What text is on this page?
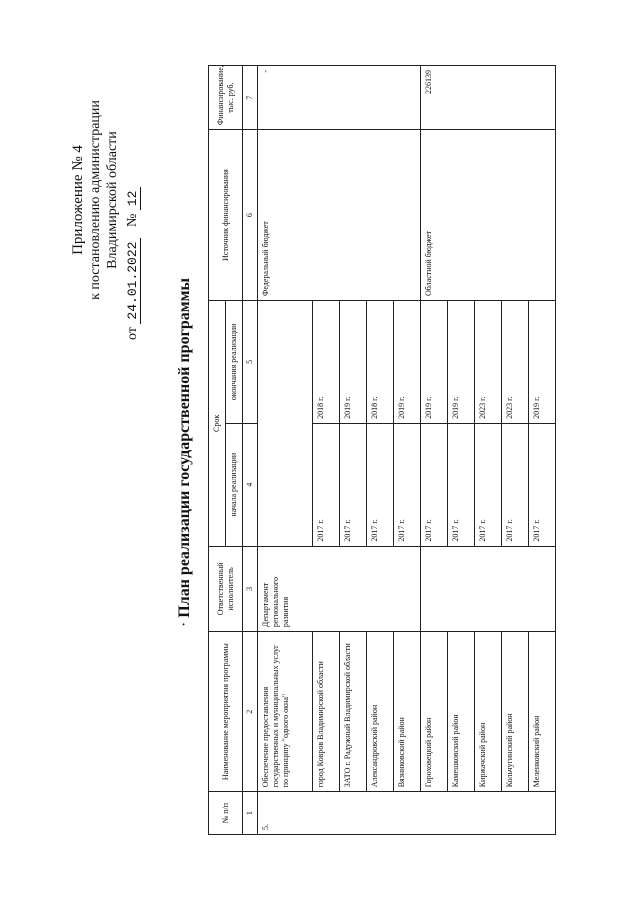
Приложение № 4 к постановлению администрации Владимирской области
от 24.01.2022   № 12
·План реализации государственной программы
№ п/п	Наименование мероприятия программы	Ответственный исполнитель	Срок		Источник финансирования	Финансирование, тыс. руб.
			начала реализации	окончания реализации		
1	2	3	4	5	6	7
5.	Обеспечение предоставления государственных и муниципальных услуг по принципу "одного окна"	Департамент регионального развития			Федеральный бюджет	-
	город Ковров Владимирской области		2017 г.	2018 г.		
	ЗАТО г. Радужный Владимирской области		2017 г.	2019 г.		
	Александровский район		2017 г.	2018 г.		
	Вязниковский район		2017 г.	2019 г.		
	Гороховецкий район		2017 г.	2019 г.	Областной бюджет	226139
	Камешковский район		2017 г.	2019 г.		
	Киржачский район		2017 г.	2023 г.		
	Кольчугинский район		2017 г.	2023 г.		
	Меленковский район		2017 г.	2019 г.		
